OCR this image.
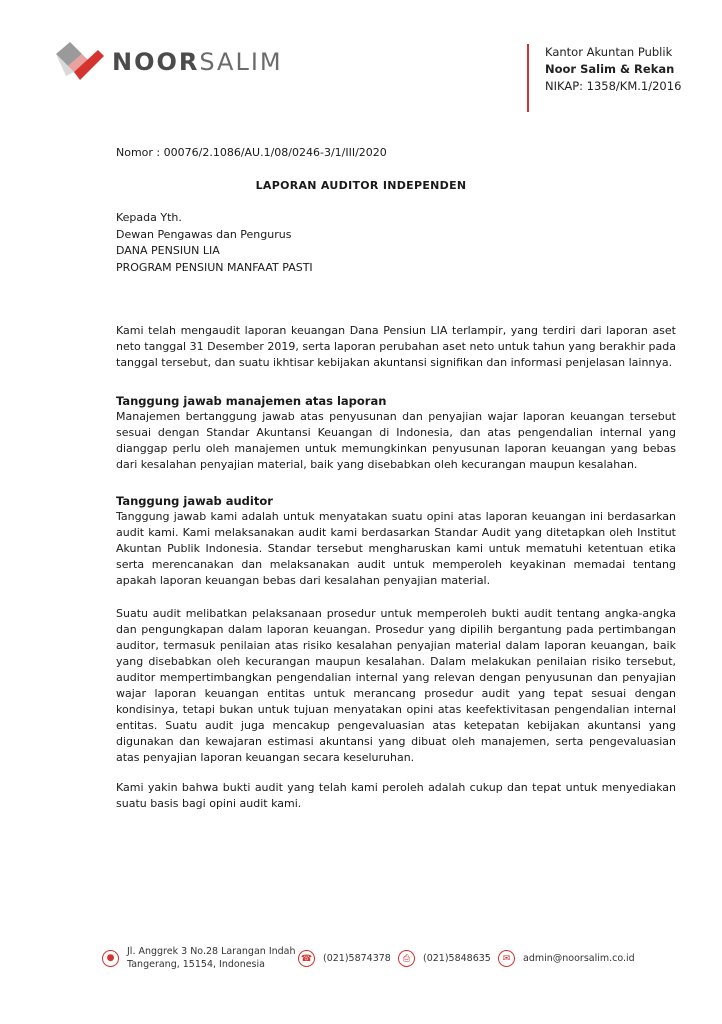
NOORSALIM	Kantor Akuntan Publik
Noor Salim & Rekan
NIKAP: 1358/KM.1/2016
Nomor : 00076/2.1086/AU.1/08/0246-3/1/III/2020
LAPORAN AUDITOR INDEPENDEN
Kepada Yth.
Dewan Pengawas dan Pengurus
DANA PENSIUN LIA
PROGRAM PENSIUN MANFAAT PASTI

Kami telah mengaudit laporan keuangan Dana Pensiun LIA terlampir, yang terdiri dari laporan aset neto tanggal 31 Desember 2019, serta laporan perubahan aset neto untuk tahun yang berakhir pada tanggal tersebut, dan suatu ikhtisar kebijakan akuntansi signifikan dan informasi penjelasan lainnya.

Tanggung jawab manajemen atas laporan

Manajemen bertanggung jawab atas penyusunan dan penyajian wajar laporan keuangan tersebut sesuai dengan Standar Akuntansi Keuangan di Indonesia, dan atas pengendalian internal yang dianggap perlu oleh manajemen untuk memungkinkan penyusunan laporan keuangan yang bebas dari kesalahan penyajian material, baik yang disebabkan oleh kecurangan maupun kesalahan.

Tanggung jawab auditor

Tanggung jawab kami adalah untuk menyatakan suatu opini atas laporan keuangan ini berdasarkan audit kami. Kami melaksanakan audit kami berdasarkan Standar Audit yang ditetapkan oleh Institut Akuntan Publik Indonesia. Standar tersebut mengharuskan kami untuk mematuhi ketentuan etika serta merencanakan dan melaksanakan audit untuk memperoleh keyakinan memadai tentang apakah laporan keuangan bebas dari kesalahan penyajian material.

Suatu audit melibatkan pelaksanaan prosedur untuk memperoleh bukti audit tentang angka-angka dan pengungkapan dalam laporan keuangan. Prosedur yang dipilih bergantung pada pertimbangan auditor, termasuk penilaian atas risiko kesalahan penyajian material dalam laporan keuangan, baik yang disebabkan oleh kecurangan maupun kesalahan. Dalam melakukan penilaian risiko tersebut, auditor mempertimbangkan pengendalian internal yang relevan dengan penyusunan dan penyajian wajar laporan keuangan entitas untuk merancang prosedur audit yang tepat sesuai dengan kondisinya, tetapi bukan untuk tujuan menyatakan opini atas keefektivitasan pengendalian internal entitas. Suatu audit juga mencakup pengevaluasian atas ketepatan kebijakan akuntansi yang digunakan dan kewajaran estimasi akuntansi yang dibuat oleh manajemen, serta pengevaluasian atas penyajian laporan keuangan secara keseluruhan.

Kami yakin bahwa bukti audit yang telah kami peroleh adalah cukup dan tepat untuk menyediakan suatu basis bagi opini audit kami.

●
Jl. Anggrek 3 No.28 Larangan Indah
Tangerang, 15154, Indonesia
☎	(021)5874378	⎙	(021)5848635	✉	admin@noorsalim.co.id
